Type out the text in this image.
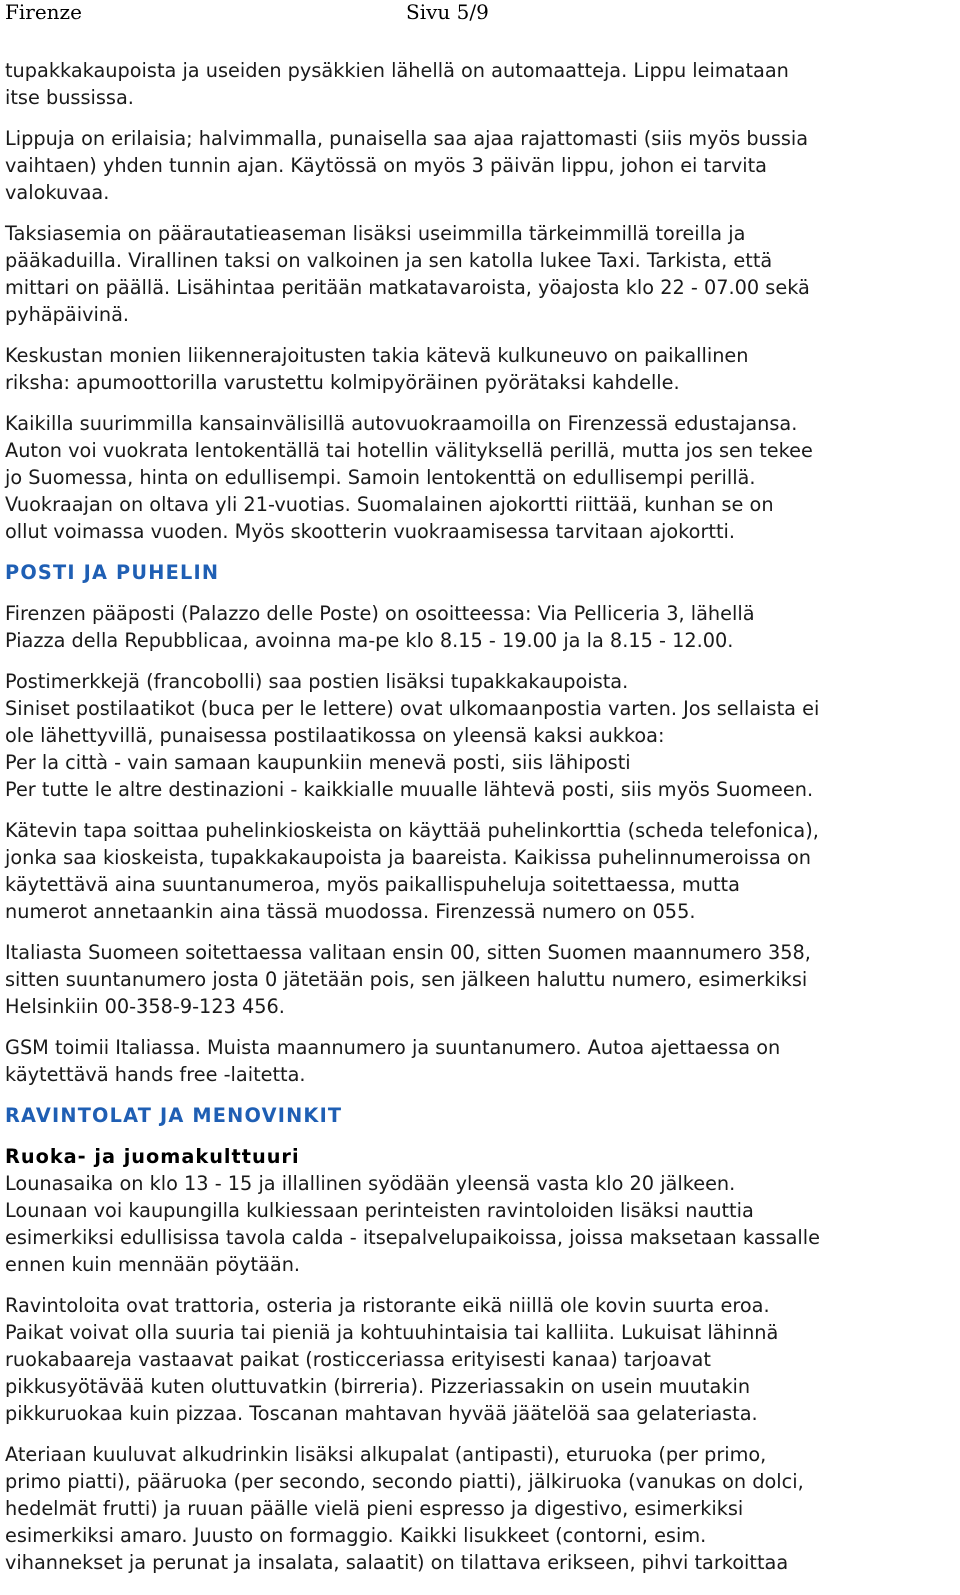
Firenze	Sivu 5/9

tupakkakaupoista ja useiden pysäkkien lähellä on automaatteja. Lippu leimataan
itse bussissa.

Lippuja on erilaisia; halvimmalla, punaisella saa ajaa rajattomasti (siis myös bussia
vaihtaen) yhden tunnin ajan. Käytössä on myös 3 päivän lippu, johon ei tarvita
valokuvaa.

Taksiasemia on päärautatieaseman lisäksi useimmilla tärkeimmillä toreilla ja
pääkaduilla. Virallinen taksi on valkoinen ja sen katolla lukee Taxi. Tarkista, että
mittari on päällä. Lisähintaa peritään matkatavaroista, yöajosta klo 22 - 07.00 sekä
pyhäpäivinä.

Keskustan monien liikennerajoitusten takia kätevä kulkuneuvo on paikallinen
riksha: apumoottorilla varustettu kolmipyöräinen pyörätaksi kahdelle.

Kaikilla suurimmilla kansainvälisillä autovuokraamoilla on Firenzessä edustajansa.
Auton voi vuokrata lentokentällä tai hotellin välityksellä perillä, mutta jos sen tekee
jo Suomessa, hinta on edullisempi. Samoin lentokenttä on edullisempi perillä.
Vuokraajan on oltava yli 21-vuotias. Suomalainen ajokortti riittää, kunhan se on
ollut voimassa vuoden. Myös skootterin vuokraamisessa tarvitaan ajokortti.

POSTI JA PUHELIN

Firenzen pääposti (Palazzo delle Poste) on osoitteessa: Via Pelliceria 3, lähellä
Piazza della Repubblicaa, avoinna ma-pe klo 8.15 - 19.00 ja la 8.15 - 12.00.

Postimerkkejä (francobolli) saa postien lisäksi tupakkakaupoista.
Siniset postilaatikot (buca per le lettere) ovat ulkomaanpostia varten. Jos sellaista ei
ole lähettyvillä, punaisessa postilaatikossa on yleensä kaksi aukkoa:
Per la città - vain samaan kaupunkiin menevä posti, siis lähiposti
Per tutte le altre destinazioni - kaikkialle muualle lähtevä posti, siis myös Suomeen.

Kätevin tapa soittaa puhelinkioskeista on käyttää puhelinkorttia (scheda telefonica),
jonka saa kioskeista, tupakkakaupoista ja baareista. Kaikissa puhelinnumeroissa on
käytettävä aina suuntanumeroa, myös paikallispuheluja soitettaessa, mutta
numerot annetaankin aina tässä muodossa. Firenzessä numero on 055.

Italiasta Suomeen soitettaessa valitaan ensin 00, sitten Suomen maannumero 358,
sitten suuntanumero josta 0 jätetään pois, sen jälkeen haluttu numero, esimerkiksi
Helsinkiin 00-358-9-123 456.

GSM toimii Italiassa. Muista maannumero ja suuntanumero. Autoa ajettaessa on
käytettävä hands free -laitetta.

RAVINTOLAT JA MENOVINKIT

Ruoka- ja juomakulttuuri
Lounasaika on klo 13 - 15 ja illallinen syödään yleensä vasta klo 20 jälkeen.
Lounaan voi kaupungilla kulkiessaan perinteisten ravintoloiden lisäksi nauttia
esimerkiksi edullisissa tavola calda - itsepalvelupaikoissa, joissa maksetaan kassalle
ennen kuin mennään pöytään.

Ravintoloita ovat trattoria, osteria ja ristorante eikä niillä ole kovin suurta eroa.
Paikat voivat olla suuria tai pieniä ja kohtuuhintaisia tai kalliita. Lukuisat lähinnä
ruokabaareja vastaavat paikat (rosticceriassa erityisesti kanaa) tarjoavat
pikkusyötävää kuten oluttuvatkin (birreria). Pizzeriassakin on usein muutakin
pikkuruokaa kuin pizzaa. Toscanan mahtavan hyvää jäätelöä saa gelateriasta.

Ateriaan kuuluvat alkudrinkin lisäksi alkupalat (antipasti), eturuoka (per primo,
primo piatti), pääruoka (per secondo, secondo piatti), jälkiruoka (vanukas on dolci,
hedelmät frutti) ja ruuan päälle vielä pieni espresso ja digestivo, esimerkiksi
esimerkiksi amaro. Juusto on formaggio. Kaikki lisukkeet (contorni, esim.
vihannekset ja perunat ja insalata, salaatit) on tilattava erikseen, pihvi tarkoittaa
